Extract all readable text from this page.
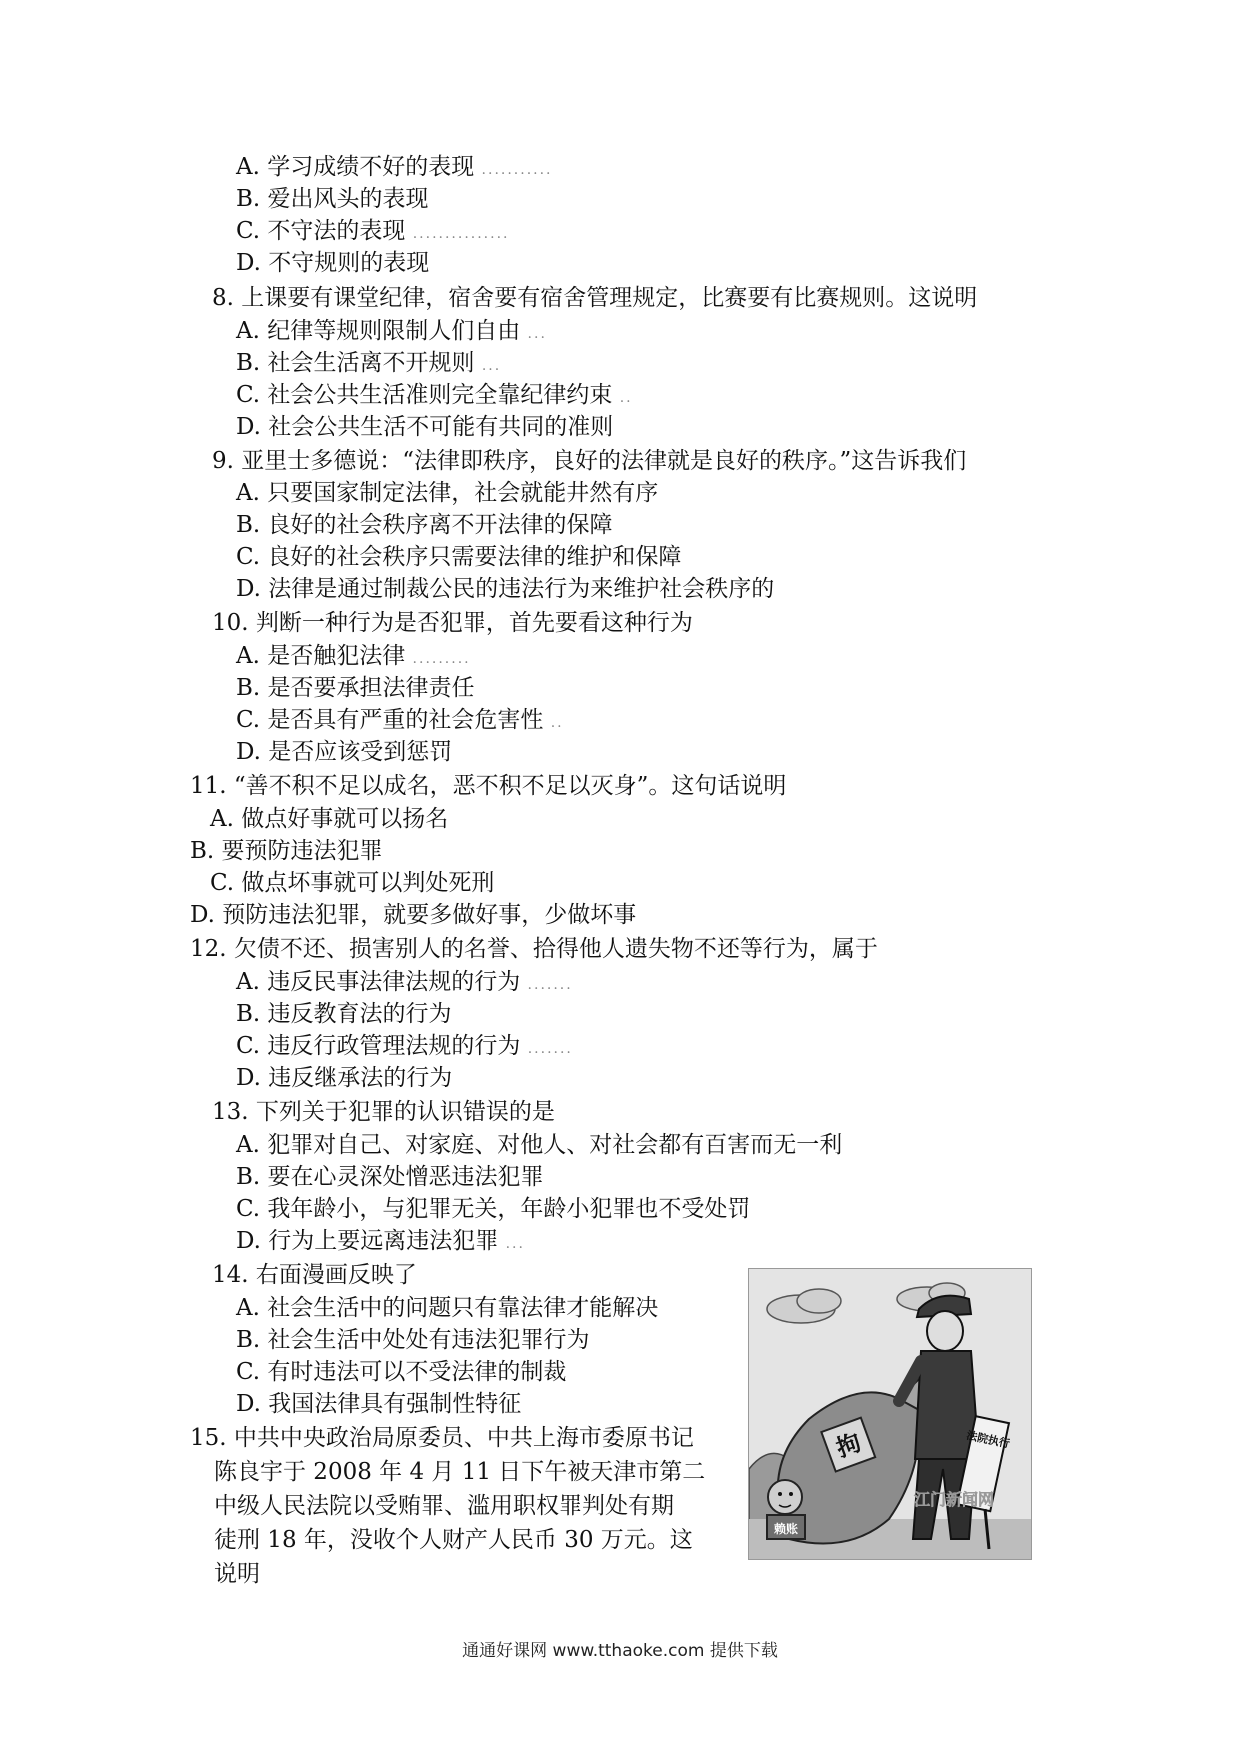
A. 学习成绩不好的表现 ...........
B. 爱出风头的表现
C. 不守法的表现 ...............
D. 不守规则的表现
8. 上课要有课堂纪律，宿舍要有宿舍管理规定，比赛要有比赛规则。这说明
A. 纪律等规则限制人们自由 ...
B. 社会生活离不开规则 ...
C. 社会公共生活准则完全靠纪律约束 ..
D. 社会公共生活不可能有共同的准则
9. 亚里士多德说：“法律即秩序，良好的法律就是良好的秩序。”这告诉我们
A. 只要国家制定法律，社会就能井然有序
B. 良好的社会秩序离不开法律的保障
C. 良好的社会秩序只需要法律的维护和保障
D. 法律是通过制裁公民的违法行为来维护社会秩序的
10. 判断一种行为是否犯罪，首先要看这种行为
A. 是否触犯法律 .........
B. 是否要承担法律责任
C. 是否具有严重的社会危害性 ..
D. 是否应该受到惩罚
11. “善不积不足以成名，恶不积不足以灭身”。这句话说明
A. 做点好事就可以扬名
B. 要预防违法犯罪
C. 做点坏事就可以判处死刑
D. 预防违法犯罪，就要多做好事，少做坏事
12. 欠债不还、损害别人的名誉、拾得他人遗失物不还等行为，属于
A. 违反民事法律法规的行为 .......
B. 违反教育法的行为
C. 违反行政管理法规的行为 .......
D. 违反继承法的行为
13. 下列关于犯罪的认识错误的是
A. 犯罪对自己、对家庭、对他人、对社会都有百害而无一利
B. 要在心灵深处憎恶违法犯罪
C. 我年龄小，与犯罪无关，年龄小犯罪也不受处罚
D. 行为上要远离违法犯罪 ...
14. 右面漫画反映了
A. 社会生活中的问题只有靠法律才能解决
B. 社会生活中处处有违法犯罪行为
C. 有时违法可以不受法律的制裁
D. 我国法律具有强制性特征
15. 中共中央政治局原委员、中共上海市委原书记
陈良宇于 2008 年 4 月 11 日下午被天津市第二
中级人民法院以受贿罪、滥用职权罪判处有期
徒刑 18 年，没收个人财产人民币 30 万元。这
说明
拘
赖账
法院执行
江门新闻网
通通好课网 www.tthaoke.com 提供下载
